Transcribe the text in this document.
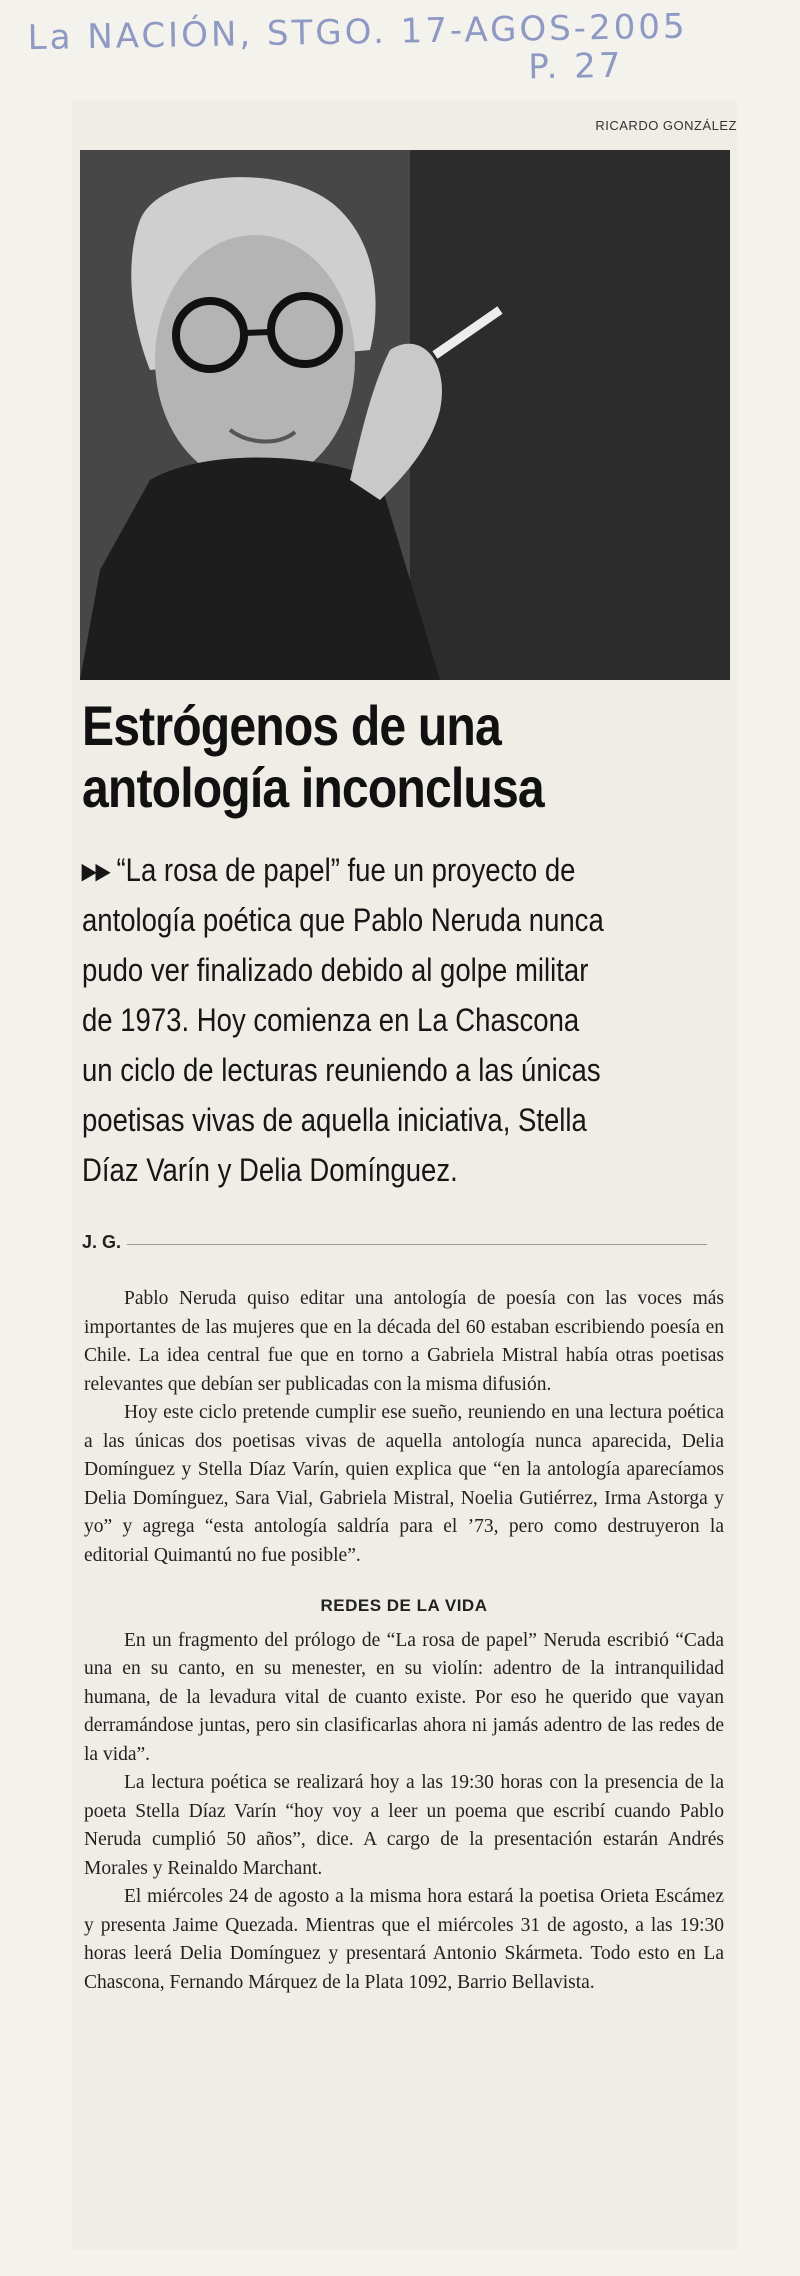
La NACIÓN, STGO. 17-AGOS-2005
P. 27
RICARDO GONZÁLEZ
Estrógenos de una
antología inconclusa
▸▸ “La rosa de papel” fue un proyecto de
antología poética que Pablo Neruda nunca
pudo ver finalizado debido al golpe militar
de 1973. Hoy comienza en La Chascona
un ciclo de lecturas reuniendo a las únicas
poetisas vivas de aquella iniciativa, Stella
Díaz Varín y Delia Domínguez.
J. G.

Pablo Neruda quiso editar una antología de poesía con las voces más importantes de las mujeres que en la década del 60 estaban escribiendo poesía en Chile. La idea central fue que en torno a Gabriela Mistral había otras poetisas relevantes que debían ser publicadas con la misma difusión.

Hoy este ciclo pretende cumplir ese sueño, reuniendo en una lectura poética a las únicas dos poetisas vivas de aquella antología nunca aparecida, Delia Domínguez y Stella Díaz Varín, quien explica que “en la antología aparecíamos Delia Domínguez, Sara Vial, Gabriela Mistral, Noelia Gutiérrez, Irma Astorga y yo” y agrega “esta antología saldría para el ’73, pero como destruyeron la editorial Quimantú no fue posible”.

REDES DE LA VIDA

En un fragmento del prólogo de “La rosa de papel” Neruda escribió “Cada una en su canto, en su menester, en su violín: adentro de la intranquilidad humana, de la levadura vital de cuanto existe. Por eso he querido que vayan derramándose juntas, pero sin clasificarlas ahora ni jamás adentro de las redes de la vida”.

La lectura poética se realizará hoy a las 19:30 horas con la presencia de la poeta Stella Díaz Varín “hoy voy a leer un poema que escribí cuando Pablo Neruda cumplió 50 años”, dice. A cargo de la presentación estarán Andrés Morales y Reinaldo Marchant.

El miércoles 24 de agosto a la misma hora estará la poetisa Orieta Escámez y presenta Jaime Quezada. Mientras que el miércoles 31 de agosto, a las 19:30 horas leerá Delia Domínguez y presentará Antonio Skármeta. Todo esto en La Chascona, Fernando Márquez de la Plata 1092, Barrio Bellavista.
